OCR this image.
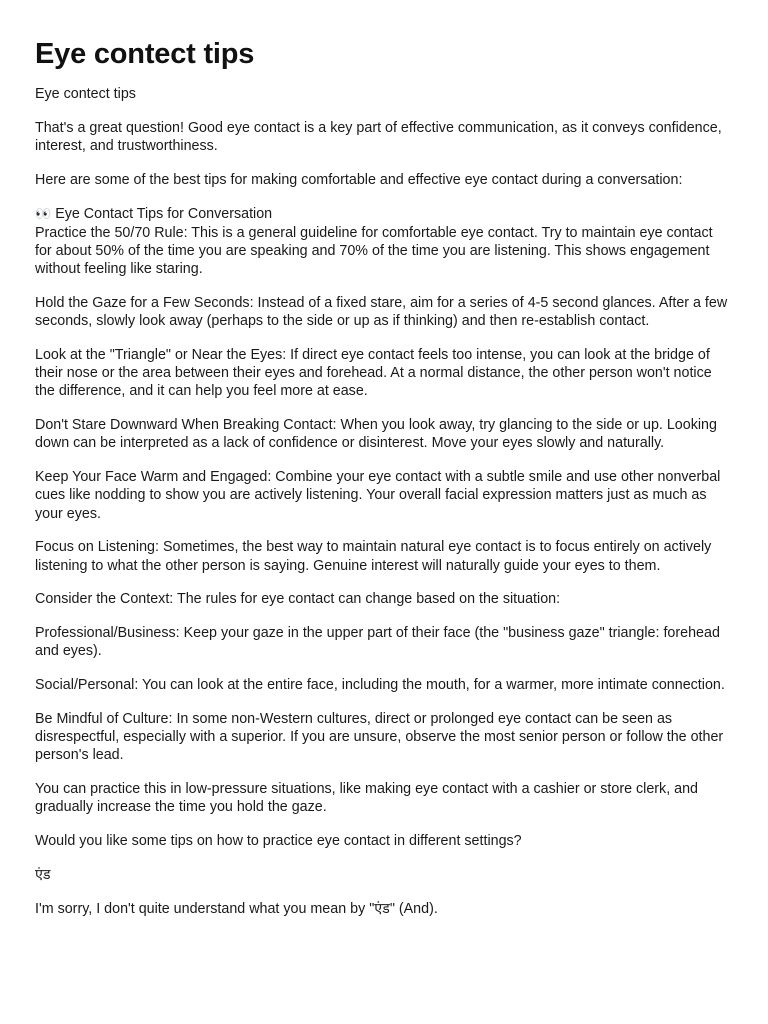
Eye contect tips

Eye contect tips

That's a great question! Good eye contact is a key part of effective communication, as it conveys confidence, interest, and trustworthiness.

Here are some of the best tips for making comfortable and effective eye contact during a conversation:

👀 Eye Contact Tips for Conversation
Practice the 50/70 Rule: This is a general guideline for comfortable eye contact. Try to maintain eye contact for about 50% of the time you are speaking and 70% of the time you are listening. This shows engagement without feeling like staring.

Hold the Gaze for a Few Seconds: Instead of a fixed stare, aim for a series of 4-5 second glances. After a few seconds, slowly look away (perhaps to the side or up as if thinking) and then re-establish contact.

Look at the "Triangle" or Near the Eyes: If direct eye contact feels too intense, you can look at the bridge of their nose or the area between their eyes and forehead. At a normal distance, the other person won't notice the difference, and it can help you feel more at ease.

Don't Stare Downward When Breaking Contact: When you look away, try glancing to the side or up. Looking down can be interpreted as a lack of confidence or disinterest. Move your eyes slowly and naturally.

Keep Your Face Warm and Engaged: Combine your eye contact with a subtle smile and use other nonverbal cues like nodding to show you are actively listening. Your overall facial expression matters just as much as your eyes.

Focus on Listening: Sometimes, the best way to maintain natural eye contact is to focus entirely on actively listening to what the other person is saying. Genuine interest will naturally guide your eyes to them.

Consider the Context: The rules for eye contact can change based on the situation:

Professional/Business: Keep your gaze in the upper part of their face (the "business gaze" triangle: forehead and eyes).

Social/Personal: You can look at the entire face, including the mouth, for a warmer, more intimate connection.

Be Mindful of Culture: In some non-Western cultures, direct or prolonged eye contact can be seen as disrespectful, especially with a superior. If you are unsure, observe the most senior person or follow the other person's lead.

You can practice this in low-pressure situations, like making eye contact with a cashier or store clerk, and gradually increase the time you hold the gaze.

Would you like some tips on how to practice eye contact in different settings?

एंड

I'm sorry, I don't quite understand what you mean by "एंड" (And).
